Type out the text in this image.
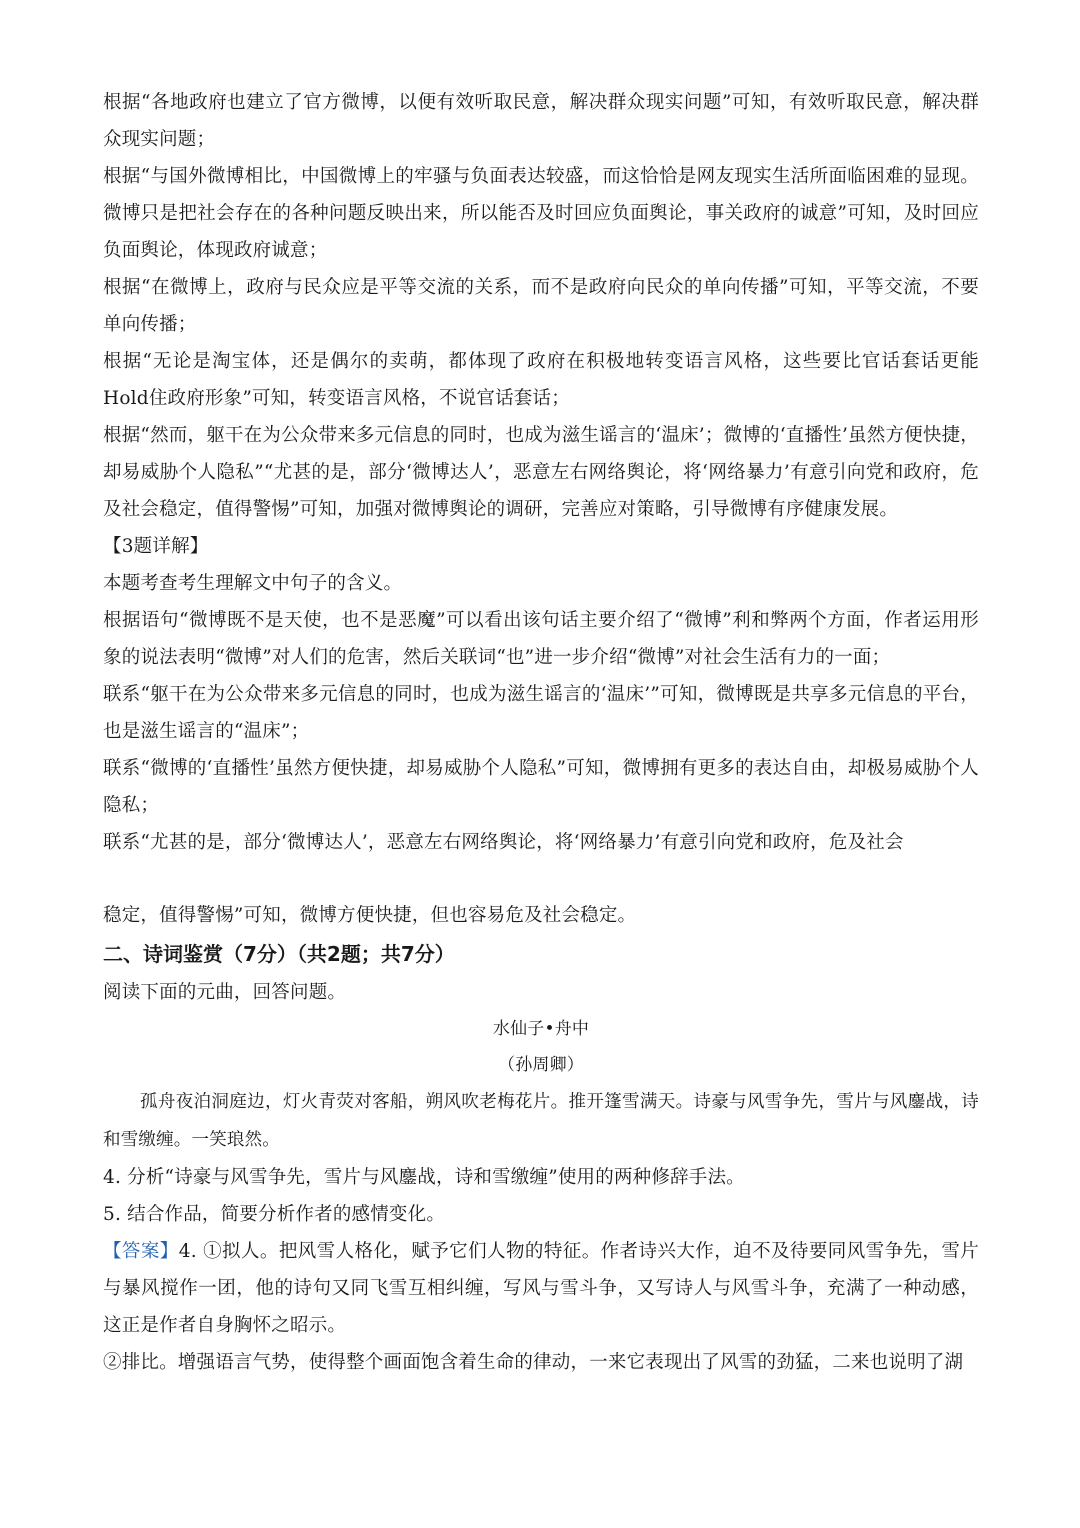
根据“各地政府也建立了官方微博，以便有效听取民意，解决群众现实问题”可知，有效听取民意，解决群众现实问题；

根据“与国外微博相比，中国微博上的牢骚与负面表达较盛，而这恰恰是网友现实生活所面临困难的显现。微博只是把社会存在的各种问题反映出来，所以能否及时回应负面舆论，事关政府的诚意”可知，及时回应负面舆论，体现政府诚意；

根据“在微博上，政府与民众应是平等交流的关系，而不是政府向民众的单向传播”可知，平等交流，不要单向传播；

根据“无论是淘宝体，还是偶尔的卖萌，都体现了政府在积极地转变语言风格，这些要比官话套话更能Hold住政府形象”可知，转变语言风格，不说官话套话；

根据“然而，躯干在为公众带来多元信息的同时，也成为滋生谣言的‘温床’；微博的‘直播性’虽然方便快捷，却易威胁个人隐私”“尤甚的是，部分‘微博达人’，恶意左右网络舆论，将‘网络暴力’有意引向党和政府，危及社会稳定，值得警惕”可知，加强对微博舆论的调研，完善应对策略，引导微博有序健康发展。

【3题详解】

本题考查考生理解文中句子的含义。

根据语句“微博既不是天使，也不是恶魔”可以看出该句话主要介绍了“微博”利和弊两个方面，作者运用形象的说法表明“微博”对人们的危害，然后关联词“也”进一步介绍“微博”对社会生活有力的一面；

联系“躯干在为公众带来多元信息的同时，也成为滋生谣言的‘温床’”可知，微博既是共享多元信息的平台，也是滋生谣言的“温床”；

联系“微博的‘直播性’虽然方便快捷，却易威胁个人隐私”可知，微博拥有更多的表达自由，却极易威胁个人隐私；

联系“尤甚的是，部分‘微博达人’，恶意左右网络舆论，将‘网络暴力’有意引向党和政府，危及社会

稳定，值得警惕”可知，微博方便快捷，但也容易危及社会稳定。

二、诗词鉴赏（7分）（共2题；共7分）

阅读下面的元曲，回答问题。

水仙子•舟中

（孙周卿）

孤舟夜泊洞庭边，灯火青荧对客船，朔风吹老梅花片。推开篷雪满天。诗豪与风雪争先，雪片与风鏖战，诗和雪缴缠。一笑琅然。

4. 分析“诗豪与风雪争先，雪片与风鏖战，诗和雪缴缠”使用的两种修辞手法。

5. 结合作品，简要分析作者的感情变化。

【答案】4. ①拟人。把风雪人格化，赋予它们人物的特征。作者诗兴大作，迫不及待要同风雪争先，雪片与暴风搅作一团，他的诗句又同飞雪互相纠缠，写风与雪斗争，又写诗人与风雪斗争，充满了一种动感，这正是作者自身胸怀之昭示。

②排比。增强语言气势，使得整个画面饱含着生命的律动，一来它表现出了风雪的劲猛，二来也说明了湖
